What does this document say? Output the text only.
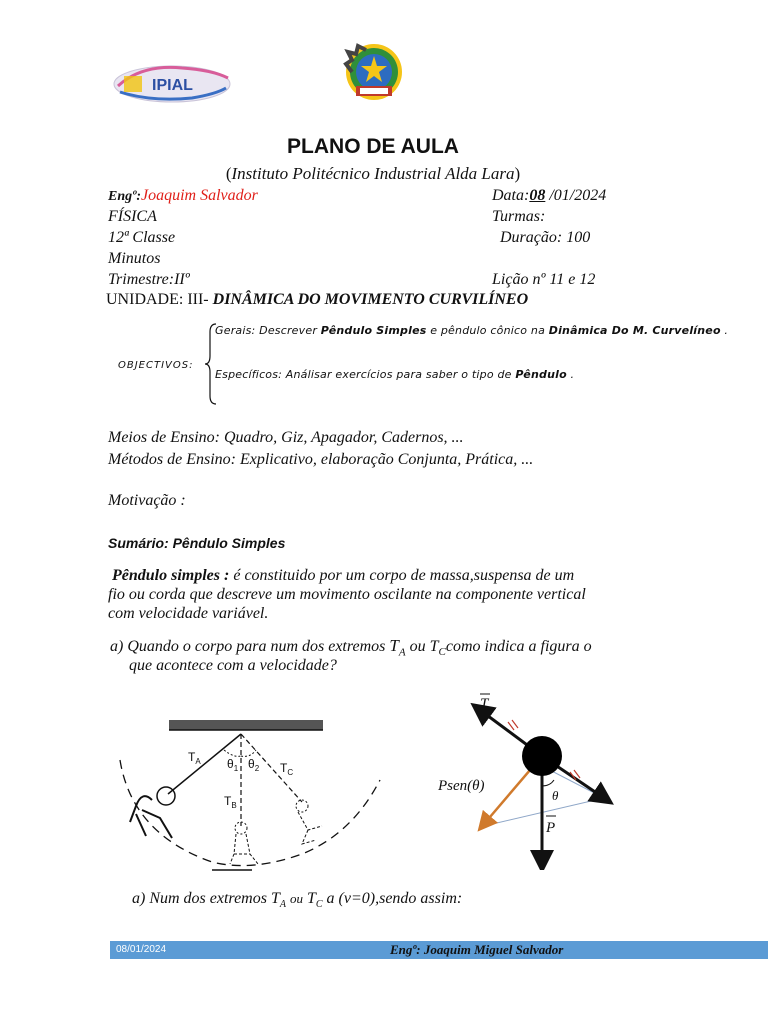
IPIAL
PLANO DE AULA
(Instituto Politécnico Industrial Alda Lara)
Engº:Joaquim Salvador	Data:08 /01/2024
FÍSICA	Turmas:
12ª Classe	Duração: 100
Minutos
Trimestre:IIº	Lição nº 11 e 12
UNIDADE: III- DINÂMICA DO MOVIMENTO CURVILÍNEO
OBJECTIVOS:
Gerais: Descrever Pêndulo Simples e pêndulo cônico na Dinâmica Do M. Curvelíneo .
Específicos: Análisar exercícios para saber o tipo de Pêndulo .
Meios de Ensino: Quadro, Giz, Apagador, Cadernos, ...
Métodos de Ensino: Explicativo, elaboração Conjunta, Prática, ...
Motivação :
Sumário: Pêndulo Simples
Pêndulo simples : é constituido por um corpo de massa,suspensa de um
fio ou corda que descreve um movimento oscilante na componente vertical
com velocidade variável.
a) Quando o corpo para num dos extremos $T_A$ ou $T_Ccomo$ indica a figura o
que acontece com a velocidade?
$T_A$
$T_B$
$T_C$
$\theta_1$ $\theta_2$
T
Psen(θ)
θ
P
a) Num dos extremos $T_A$ ou $T_C$ a (v=0),sendo assim:
08/01/2024	Engº: Joaquim Miguel Salvador
